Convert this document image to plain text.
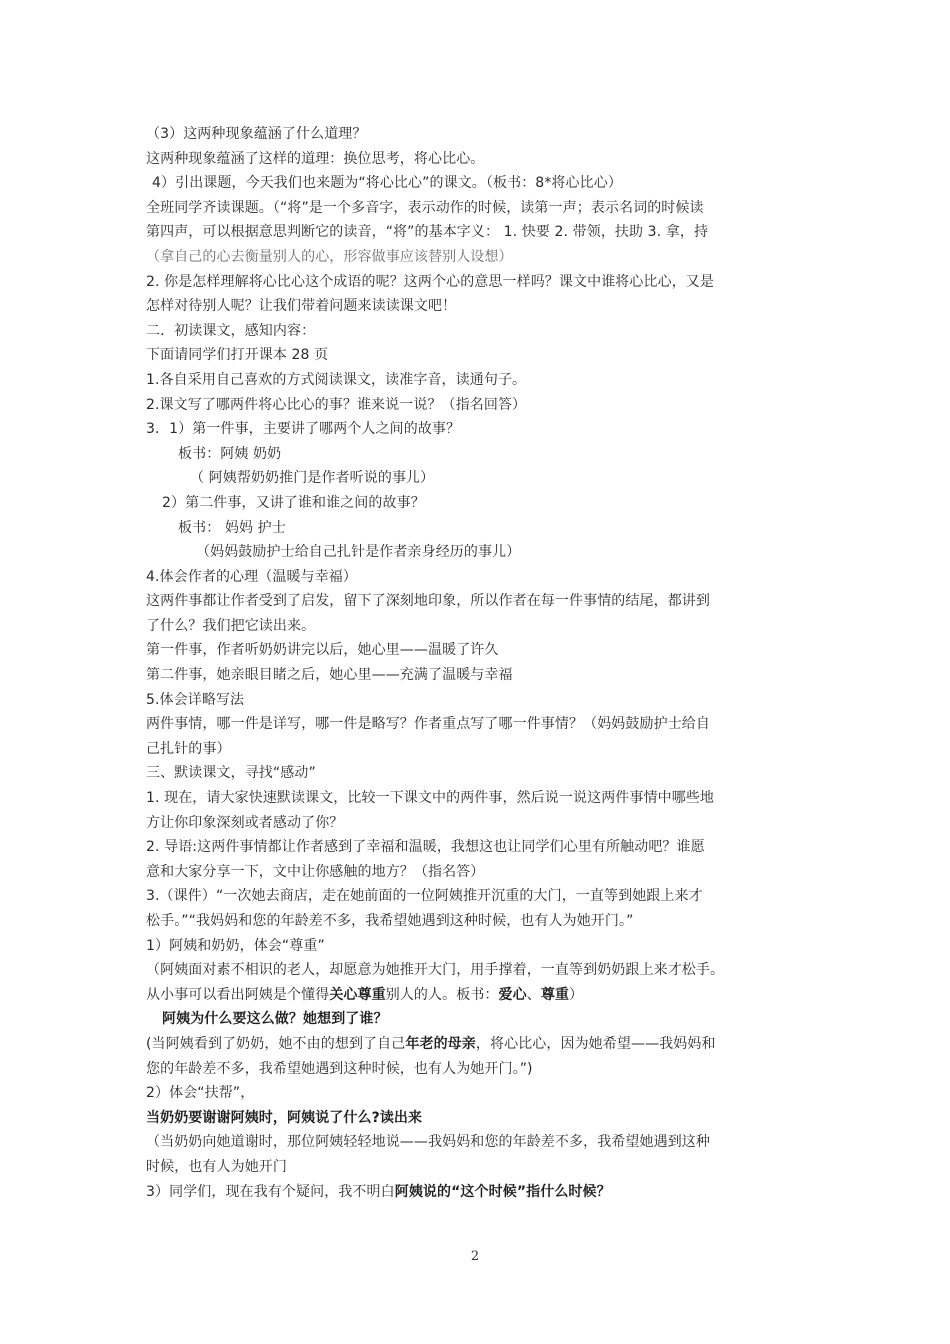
（3）这两种现象蕴涵了什么道理？
这两种现象蕴涵了这样的道理：换位思考，将心比心。
4）引出课题，今天我们也来题为“将心比心”的课文。（板书：8*将心比心）
全班同学齐读课题。（“将”是一个多音字，表示动作的时候，读第一声；表示名词的时候读
第四声，可以根据意思判断它的读音，“将”的基本字义： 1. 快要 2. 带领，扶助 3. 拿，持
（拿自己的心去衡量别人的心，形容做事应该替别人设想）
2. 你是怎样理解将心比心这个成语的呢？这两个心的意思一样吗？课文中谁将心比心，又是
怎样对待别人呢？让我们带着问题来读读课文吧！
二．初读课文，感知内容：
下面请同学们打开课本 28 页
1.各自采用自己喜欢的方式阅读课文，读准字音，读通句子。
2.课文写了哪两件将心比心的事？谁来说一说？（指名回答）
3．1）第一件事，主要讲了哪两个人之间的故事？
板书：阿姨 奶奶
（ 阿姨帮奶奶推门是作者听说的事儿）
2）第二件事，又讲了谁和谁之间的故事？
板书： 妈妈 护士
（妈妈鼓励护士给自己扎针是作者亲身经历的事儿）
4.体会作者的心理（温暖与幸福）
这两件事都让作者受到了启发，留下了深刻地印象，所以作者在每一件事情的结尾，都讲到
了什么？我们把它读出来。
第一件事，作者听奶奶讲完以后，她心里——温暖了许久
第二件事，她亲眼目睹之后，她心里——充满了温暖与幸福
5.体会详略写法
两件事情，哪一件是详写，哪一件是略写？作者重点写了哪一件事情？（妈妈鼓励护士给自
己扎针的事）
三、默读课文，寻找“感动”
1. 现在，请大家快速默读课文，比较一下课文中的两件事，然后说一说这两件事情中哪些地
方让你印象深刻或者感动了你？
2. 导语:这两件事情都让作者感到了幸福和温暖，我想这也让同学们心里有所触动吧？谁愿
意和大家分享一下，文中让你感触的地方？（指名答）
3.（课件）“一次她去商店，走在她前面的一位阿姨推开沉重的大门，一直等到她跟上来才
松手。”“我妈妈和您的年龄差不多，我希望她遇到这种时候，也有人为她开门。”
1）阿姨和奶奶，体会“尊重”
（阿姨面对素不相识的老人，却愿意为她推开大门，用手撑着，一直等到奶奶跟上来才松手。
从小事可以看出阿姨是个懂得关心尊重别人的人。板书：爱心、尊重）
阿姨为什么要这么做？她想到了谁？
(当阿姨看到了奶奶，她不由的想到了自己年老的母亲，将心比心，因为她希望——我妈妈和
您的年龄差不多，我希望她遇到这种时候，也有人为她开门。”)
2）体会“扶帮”，
当奶奶要谢谢阿姨时，阿姨说了什么?读出来
（当奶奶向她道谢时，那位阿姨轻轻地说——我妈妈和您的年龄差不多，我希望她遇到这种
时候，也有人为她开门
3）同学们，现在我有个疑问，我不明白阿姨说的“这个时候”指什么时候？
2
